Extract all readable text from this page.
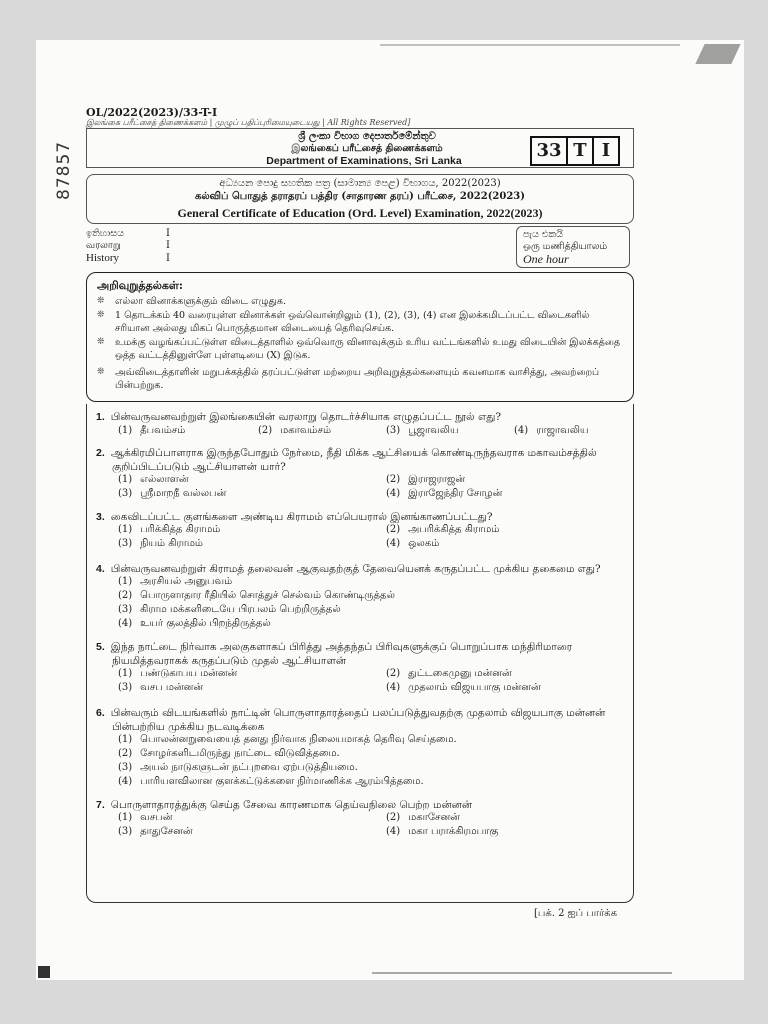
87857
OL/2022(2023)/33-T-I
இலங்கை பரீட்சைத் திணைக்களம் | முழுப் பதிப்புரிமையுடையது | All Rights Reserved]
ශ්‍රී ලංකා විභාග දෙපාර්තමේන්තුව
இலங்கைப் பரீட்சைத் திணைக்களம்
Department of Examinations, Sri Lanka	33 T I
අධ්‍යයන පොදු සහතික පත්‍ර (සාමාන්‍ය පෙළ) විභාගය, 2022(2023)
கல்விப் பொதுத் தராதரப் பத்திர (சாதாரண தரப்) பரீட்சை, 2022(2023)
General Certificate of Education (Ord. Level) Examination, 2022(2023)
ඉතිහාසය	I
வரலாறு	I
History	I
පැය එකයි
ஒரு மணித்தியாலம்
One hour
அறிவுறுத்தல்கள்:
❊ எல்லா வினாக்களுக்கும் விடை எழுதுக.
❊ 1 தொடக்கம் 40 வரையுள்ள வினாக்கள் ஒவ்வொன்றிலும் (1), (2), (3), (4) என இலக்கமிடப்பட்ட விடைகளில் சரியான அல்லது மிகப் பொருத்தமான விடையைத் தெரிவுசெய்க.
❊ உமக்கு வழங்கப்பட்டுள்ள விடைத்தாளில் ஒவ்வொரு வினாவுக்கும் உரிய வட்டங்களில் உமது விடையின் இலக்கத்தை ஒத்த வட்டத்தினுள்ளே புள்ளடியை (X) இடுக.
❊ அவ்விடைத்தாளின் மறுபக்கத்தில் தரப்பட்டுள்ள மற்றைய அறிவுறுத்தல்களையும் கவனமாக வாசித்து, அவற்றைப் பின்பற்றுக.
1. பின்வருவனவற்றுள் இலங்கையின் வரலாறு தொடர்ச்சியாக எழுதப்பட்ட நூல் எது?
(1) தீபவம்சம்	(2) மகாவம்சம்	(3) பூஜாவலிய	(4) ராஜாவலிய
2. ஆக்கிரமிப்பாளராக இருந்தபோதும் நேர்மை, நீதி மிக்க ஆட்சியைக் கொண்டிருந்தவராக மகாவம்சத்தில்
குறிப்பிடப்படும் ஆட்சியாளன் யார்?
(1) எல்லாளன்	(2) இராஜராஜன்
(3) ஸ்ரீமாறநீ வல்லபன்	(4) இராஜேந்திர சோழன்
3. கைவிடப்பட்ட குளங்களை அண்டிய கிராமம் எப்பெயரால் இனங்காணப்பட்டது?
(1) பரிக்கித்த கிராமம்	(2) அபரிக்கித்த கிராமம்
(3) நியம் கிராமம்	(4) ஒலகம்
4. பின்வருவனவற்றுள் கிராமத் தலைவன் ஆகுவதற்குத் தேவையெனக் கருதப்பட்ட முக்கிய தகைமை எது?
(1) அரசியல் அனுபவம்
(2) பொருளாதார ரீதியில் சொத்துச் செல்வம் கொண்டிருத்தல்
(3) கிராம மக்களிடையே பிரபலம் பெற்றிருத்தல்
(4) உயர் குலத்தில் பிறந்திருத்தல்
5. இந்த நாட்டை நிர்வாக அலகுகளாகப் பிரித்து அத்தந்தப் பிரிவுகளுக்குப் பொறுப்பாக மந்திரிமாரை
நியமித்தவராகக் கருதப்படும் முதல் ஆட்சியாளன்
(1) பண்டுகாபய மன்னன்	(2) துட்டகைமுனு மன்னன்
(3) வசப மன்னன்	(4) முதலாம் விஜயபாகு மன்னன்
6. பின்வரும் விடயங்களில் நாட்டின் பொருளாதாரத்தைப் பலப்படுத்துவதற்கு முதலாம் விஜயபாகு மன்னன்
பின்பற்றிய முக்கிய நடவடிக்கை
(1) பொலன்னறுவையைத் தனது நிர்வாக நிலையமாகத் தெரிவு செய்தமை.
(2) சோழர்களிடமிருந்து நாட்டை விடுவித்தமை.
(3) அயல் நாடுகளுடன் நட்புறவை ஏற்படுத்தியமை.
(4) பாரியளவிலான குளக்கட்டுக்களை நிர்மாணிக்க ஆரம்பித்தமை.
7. பொருளாதாரத்துக்கு செய்த சேவை காரணமாக தெய்வநிலை பெற்ற மன்னன்
(1) வசபன்	(2) மகாசேனன்
(3) தாதுசேனன்	(4) மகா பராக்கிரமபாகு
[பக். 2 ஐப் பார்க்க
